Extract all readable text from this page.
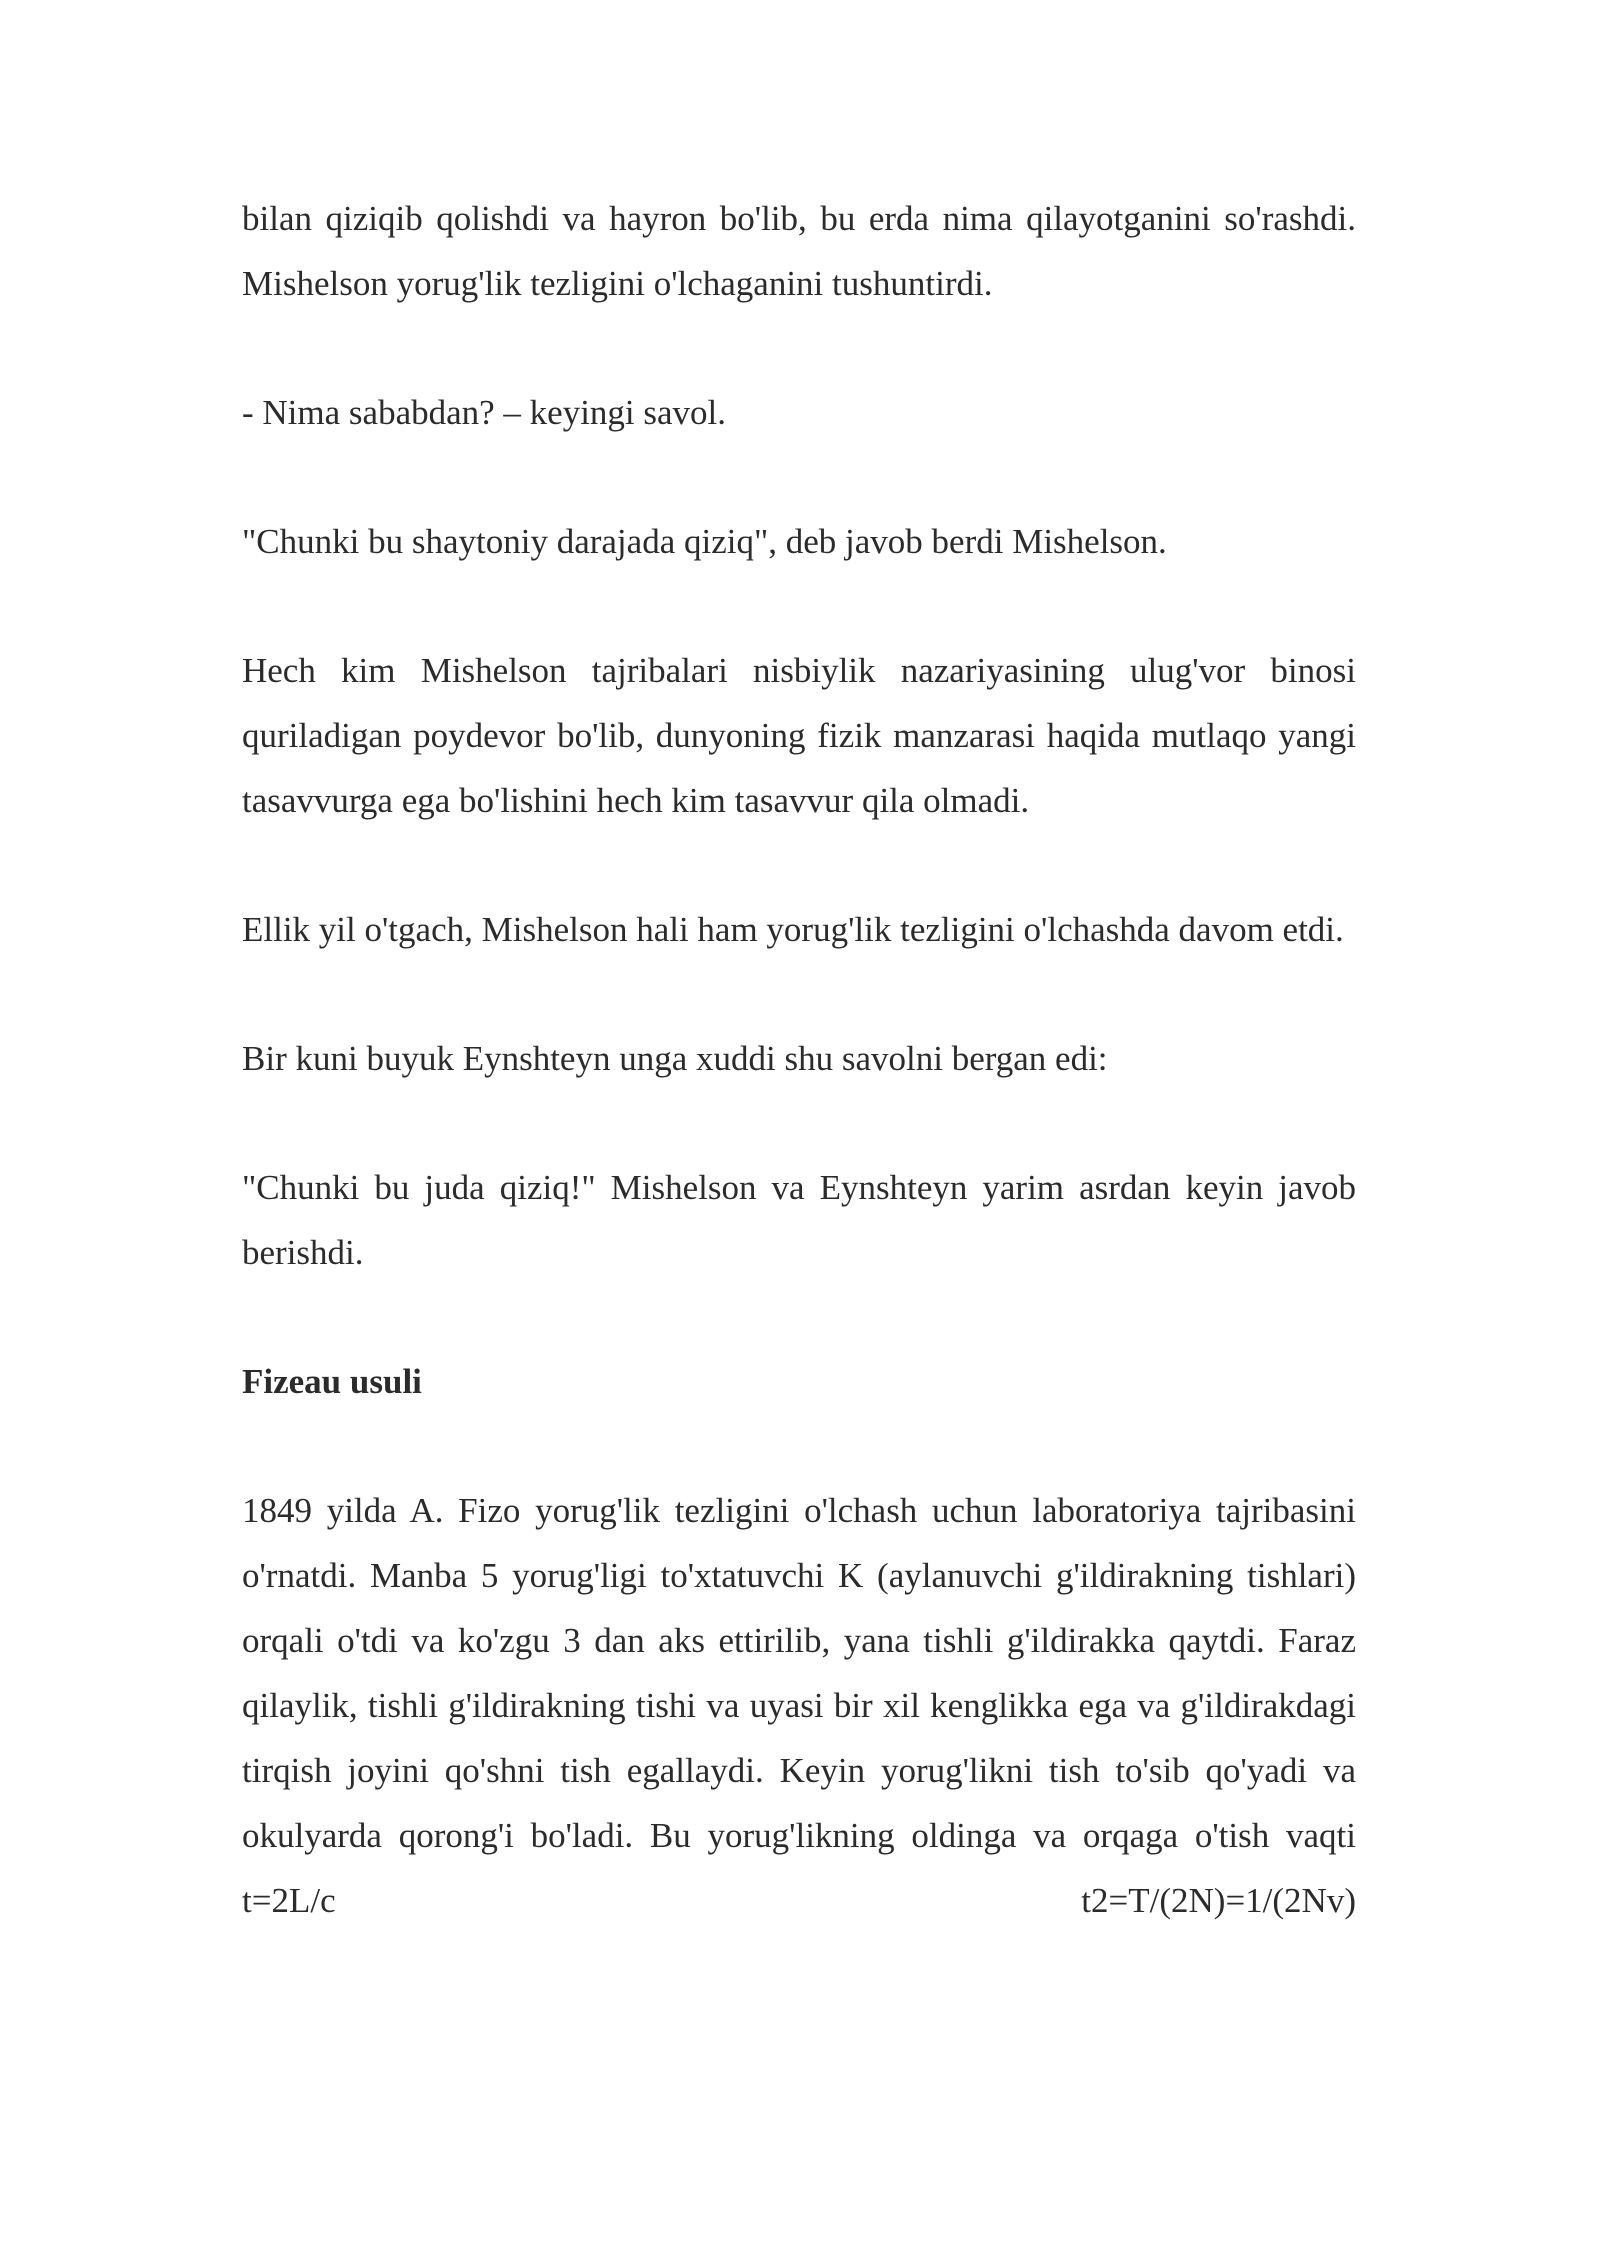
bilan qiziqib qolishdi va hayron bo'lib, bu erda nima qilayotganini so'rashdi. Mishelson yorug'lik tezligini o'lchaganini tushuntirdi.

- Nima sababdan? – keyingi savol.

"Chunki bu shaytoniy darajada qiziq", deb javob berdi Mishelson.

Hech kim Mishelson tajribalari nisbiylik nazariyasining ulug'vor binosi quriladigan poydevor bo'lib, dunyoning fizik manzarasi haqida mutlaqo yangi tasavvurga ega bo'lishini hech kim tasavvur qila olmadi.

Ellik yil o'tgach, Mishelson hali ham yorug'lik tezligini o'lchashda davom etdi.

Bir kuni buyuk Eynshteyn unga xuddi shu savolni bergan edi:

"Chunki bu juda qiziq!" Mishelson va Eynshteyn yarim asrdan keyin javob berishdi.

Fizeau usuli

1849 yilda A. Fizo yorug'lik tezligini o'lchash uchun laboratoriya tajribasini o'rnatdi. Manba 5 yorug'ligi to'xtatuvchi K (aylanuvchi g'ildirakning tishlari) orqali o'tdi va ko'zgu 3 dan aks ettirilib, yana tishli g'ildirakka qaytdi. Faraz qilaylik, tishli g'ildirakning tishi va uyasi bir xil kenglikka ega va g'ildirakdagi tirqish joyini qo'shni tish egallaydi. Keyin yorug'likni tish to'sib qo'yadi va okulyarda qorong'i bo'ladi. Bu yorug'likning oldinga va orqaga o'tish vaqti t=2L/c t2=T/(2N)=1/(2Nv)
